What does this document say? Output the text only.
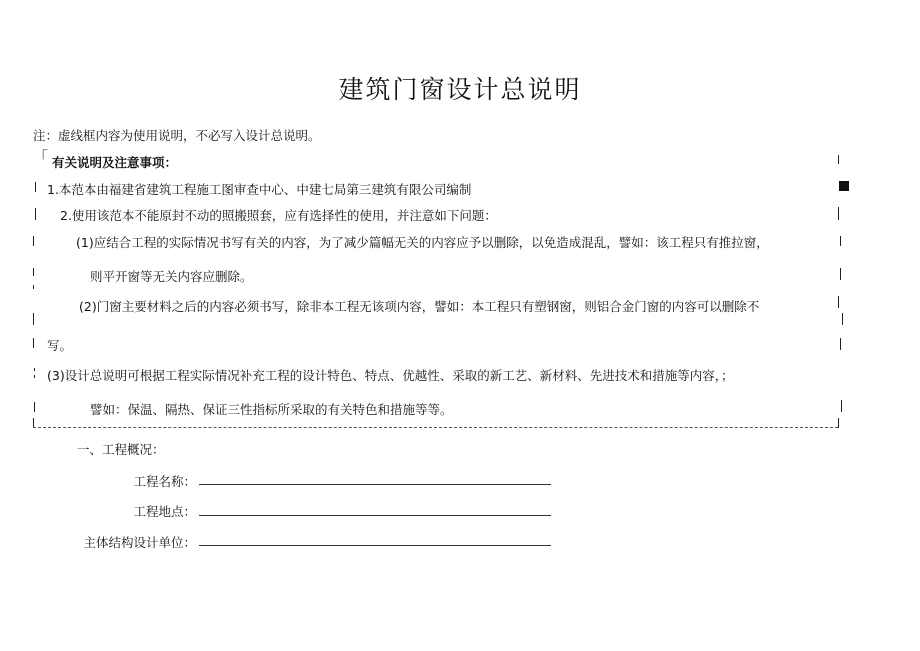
建筑门窗设计总说明
注：虚线框内容为使用说明，不必写入设计总说明。
「 有关说明及注意事项：
1.本范本由福建省建筑工程施工图审查中心、中建七局第三建筑有限公司编制
2.使用该范本不能原封不动的照搬照套，应有选择性的使用，并注意如下问题：
(1)应结合工程的实际情况书写有关的内容，为了减少篇幅无关的内容应予以删除，以免造成混乱，譬如：该工程只有推拉窗，
则平开窗等无关内容应删除。
(2)门窗主要材料之后的内容必须书写，除非本工程无该项内容，譬如：本工程只有塑钢窗，则铝合金门窗的内容可以删除不
写。
(3)设计总说明可根据工程实际情况补充工程的设计特色、特点、优越性、采取的新工艺、新材料、先进技术和措施等内容，；
譬如：保温、隔热、保证三性指标所采取的有关特色和措施等等。
一、工程概况：
工程名称：
工程地点：
主体结构设计单位：
